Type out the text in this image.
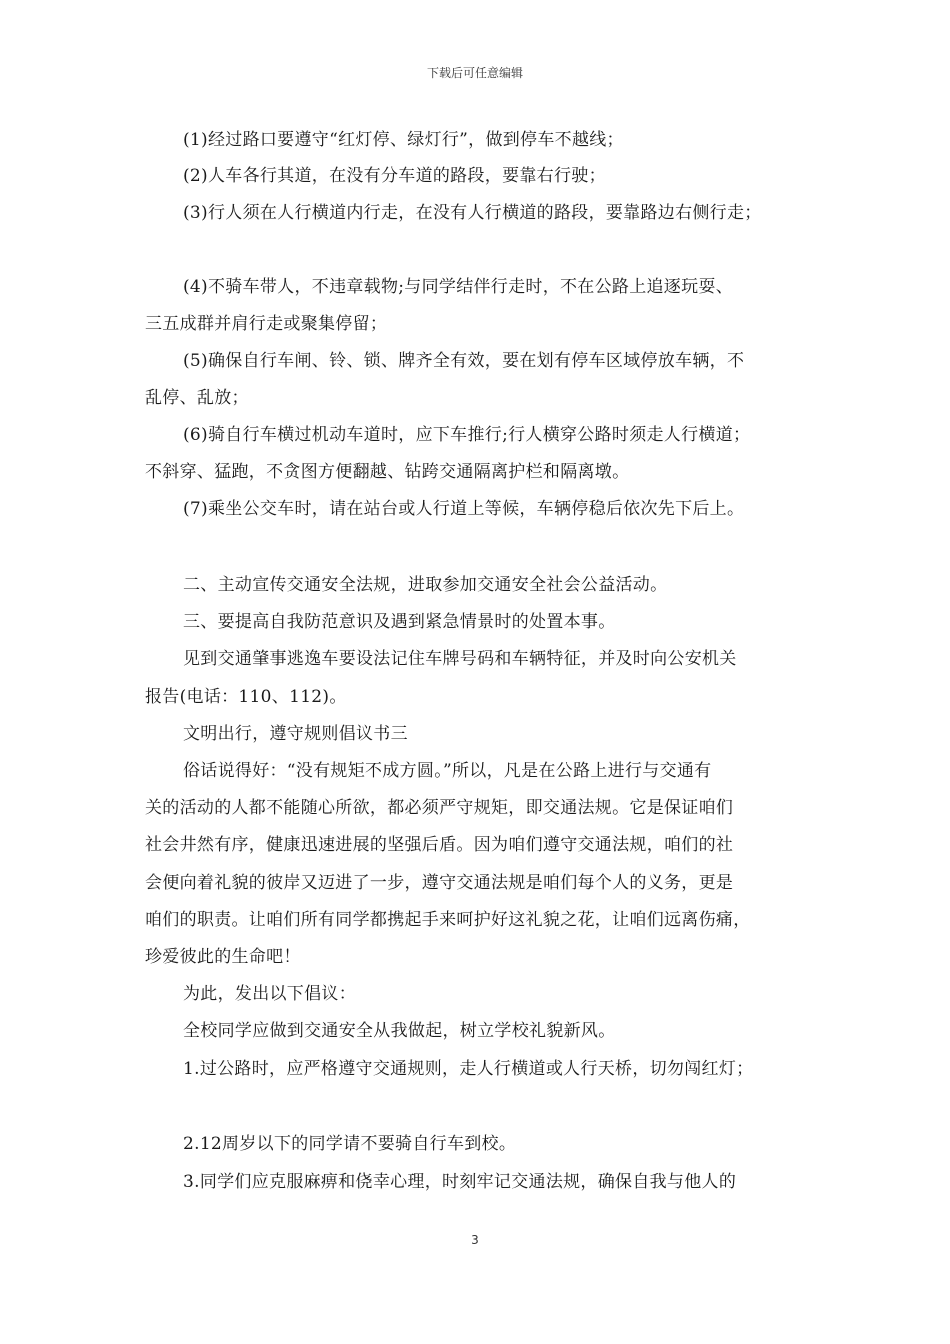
下载后可任意编辑
(1)经过路口要遵守“红灯停、绿灯行”，做到停车不越线；
(2)人车各行其道，在没有分车道的路段，要靠右行驶；
(3)行人须在人行横道内行走，在没有人行横道的路段，要靠路边右侧行走；
(4)不骑车带人，不违章载物;与同学结伴行走时，不在公路上追逐玩耍、
三五成群并肩行走或聚集停留；
(5)确保自行车闸、铃、锁、牌齐全有效，要在划有停车区域停放车辆，不
乱停、乱放；
(6)骑自行车横过机动车道时，应下车推行;行人横穿公路时须走人行横道；
不斜穿、猛跑，不贪图方便翻越、钻跨交通隔离护栏和隔离墩。
(7)乘坐公交车时，请在站台或人行道上等候，车辆停稳后依次先下后上。
二、主动宣传交通安全法规，进取参加交通安全社会公益活动。
三、要提高自我防范意识及遇到紧急情景时的处置本事。
见到交通肇事逃逸车要设法记住车牌号码和车辆特征，并及时向公安机关
报告(电话：110、112)。
文明出行，遵守规则倡议书三
俗话说得好：“没有规矩不成方圆。”所以，凡是在公路上进行与交通有
关的活动的人都不能随心所欲，都必须严守规矩，即交通法规。它是保证咱们
社会井然有序，健康迅速进展的坚强后盾。因为咱们遵守交通法规，咱们的社
会便向着礼貌的彼岸又迈进了一步，遵守交通法规是咱们每个人的义务，更是
咱们的职责。让咱们所有同学都携起手来呵护好这礼貌之花，让咱们远离伤痛，
珍爱彼此的生命吧！
为此，发出以下倡议：
全校同学应做到交通安全从我做起，树立学校礼貌新风。
1.过公路时，应严格遵守交通规则，走人行横道或人行天桥，切勿闯红灯；
2.12周岁以下的同学请不要骑自行车到校。
3.同学们应克服麻痹和侥幸心理，时刻牢记交通法规，确保自我与他人的
3
